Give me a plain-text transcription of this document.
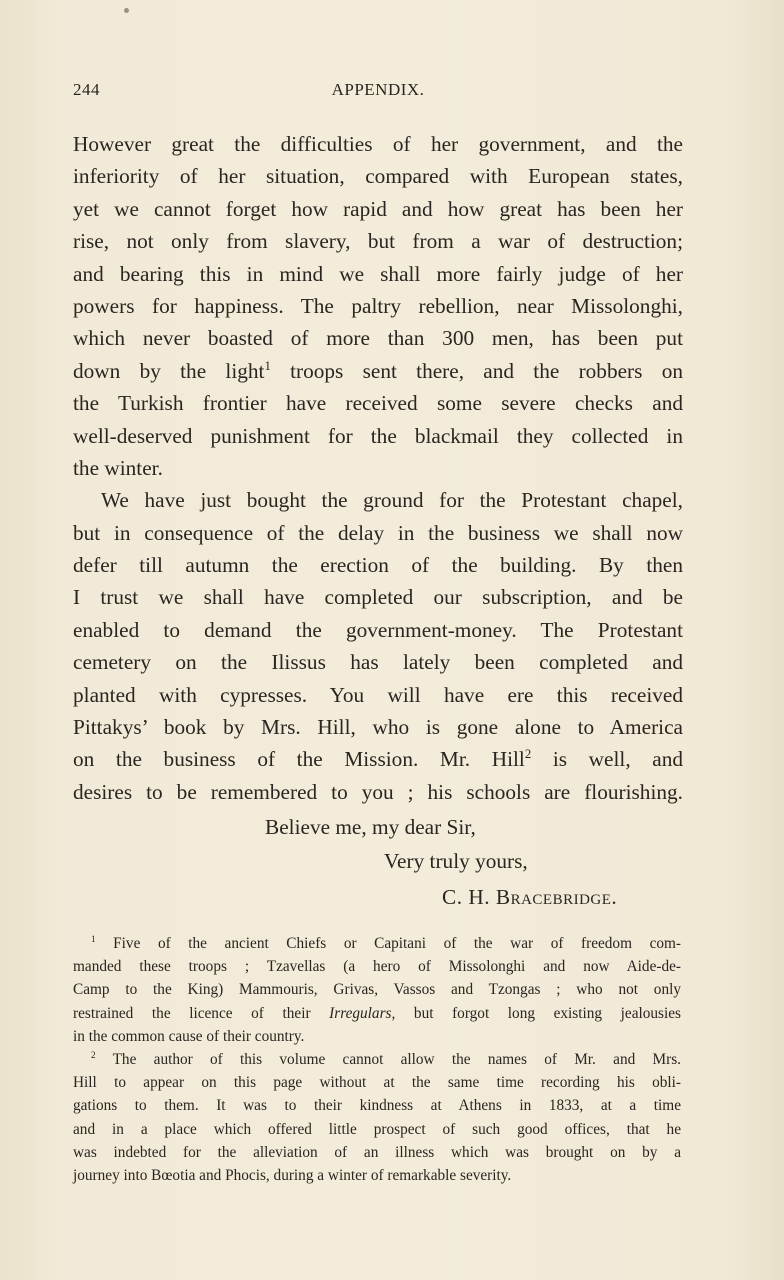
244	APPENDIX.
However great the difficulties of her government, and the
inferiority of her situation, compared with European states,
yet we cannot forget how rapid and how great has been her
rise, not only from slavery, but from a war of destruction;
and bearing this in mind we shall more fairly judge of her
powers for happiness. The paltry rebellion, near Missolonghi,
which never boasted of more than 300 men, has been put
down by the light$^1$ troops sent there, and the robbers on
the Turkish frontier have received some severe checks and
well-deserved punishment for the blackmail they collected in
the winter.
We have just bought the ground for the Protestant chapel,
but in consequence of the delay in the business we shall now
defer till autumn the erection of the building. By then
I trust we shall have completed our subscription, and be
enabled to demand the government-money. The Protestant
cemetery on the Ilissus has lately been completed and
planted with cypresses. You will have ere this received
Pittakys’ book by Mrs. Hill, who is gone alone to America
on the business of the Mission. Mr. Hill$^2$ is well, and
desires to be remembered to you ; his schools are flourishing.
Believe me, my dear Sir,
Very truly yours,
C. H. Bracebridge.
$^1$ Five of the ancient Chiefs or Capitani of the war of freedom com-
manded these troops ; Tzavellas (a hero of Missolonghi and now Aide-de-
Camp to the King) Mammouris, Grivas, Vassos and Tzongas ; who not only
restrained the licence of their Irregulars, but forgot long existing jealousies
in the common cause of their country.
$^2$ The author of this volume cannot allow the names of Mr. and Mrs.
Hill to appear on this page without at the same time recording his obli-
gations to them. It was to their kindness at Athens in 1833, at a time
and in a place which offered little prospect of such good offices, that he
was indebted for the alleviation of an illness which was brought on by a
journey into Bœotia and Phocis, during a winter of remarkable severity.
